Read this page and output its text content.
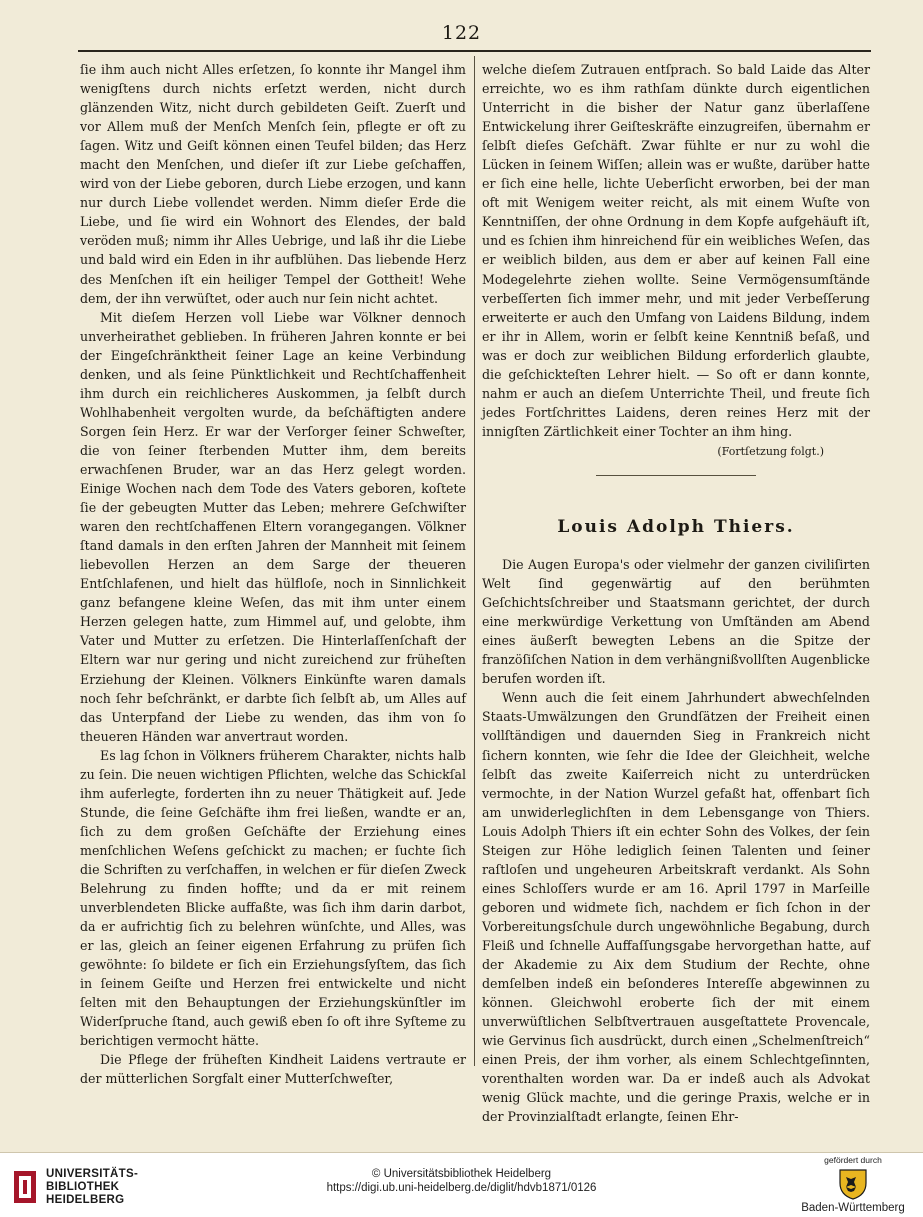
122

ſie ihm auch nicht Alles erſetzen, ſo konnte ihr Mangel ihm wenigſtens durch nichts erſetzt werden, nicht durch glänzenden Witz, nicht durch gebildeten Geiſt. Zuerſt und vor Allem muß der Menſch Menſch ſein, pflegte er oft zu ſagen. Witz und Geiſt können einen Teufel bilden; das Herz macht den Menſchen, und dieſer iſt zur Liebe geſchaffen, wird von der Liebe geboren, durch Liebe erzogen, und kann nur durch Liebe vollendet werden. Nimm dieſer Erde die Liebe, und ſie wird ein Wohnort des Elendes, der bald veröden muß; nimm ihr Alles Uebrige, und laß ihr die Liebe und bald wird ein Eden in ihr aufblühen. Das liebende Herz des Menſchen iſt ein heiliger Tempel der Gottheit! Wehe dem, der ihn verwüſtet, oder auch nur ſein nicht achtet.

Mit dieſem Herzen voll Liebe war Völkner dennoch unverheirathet geblieben. In früheren Jahren konnte er bei der Eingeſchränktheit ſeiner Lage an keine Verbindung denken, und als ſeine Pünktlichkeit und Rechtſchaffenheit ihm durch ein reichlicheres Auskommen, ja ſelbſt durch Wohlhabenheit vergolten wurde, da beſchäftigten andere Sorgen ſein Herz. Er war der Verſorger ſeiner Schweſter, die von ſeiner ſterbenden Mutter ihm, dem bereits erwachſenen Bruder, war an das Herz gelegt worden. Einige Wochen nach dem Tode des Vaters geboren, koſtete ſie der gebeugten Mutter das Leben; mehrere Geſchwiſter waren den rechtſchaffenen Eltern vorangegangen. Völkner ſtand damals in den erſten Jahren der Mannheit mit ſeinem liebevollen Herzen an dem Sarge der theueren Entſchlafenen, und hielt das hülfloſe, noch in Sinnlichkeit ganz befangene kleine Weſen, das mit ihm unter einem Herzen gelegen hatte, zum Himmel auf, und gelobte, ihm Vater und Mutter zu erſetzen. Die Hinterlaſſenſchaft der Eltern war nur gering und nicht zureichend zur früheſten Erziehung der Kleinen. Völkners Einkünfte waren damals noch ſehr beſchränkt, er darbte ſich ſelbſt ab, um Alles auf das Unterpfand der Liebe zu wenden, das ihm von ſo theueren Händen war anvertraut worden.

Es lag ſchon in Völkners früherem Charakter, nichts halb zu ſein. Die neuen wichtigen Pflichten, welche das Schickſal ihm auferlegte, forderten ihn zu neuer Thätigkeit auf. Jede Stunde, die ſeine Geſchäfte ihm frei ließen, wandte er an, ſich zu dem großen Geſchäfte der Erziehung eines menſchlichen Weſens geſchickt zu machen; er ſuchte ſich die Schriften zu verſchaffen, in welchen er für dieſen Zweck Belehrung zu finden hoffte; und da er mit reinem unverblendeten Blicke auffaßte, was ſich ihm darin darbot, da er aufrichtig ſich zu belehren wünſchte, und Alles, was er las, gleich an ſeiner eigenen Erfahrung zu prüfen ſich gewöhnte: ſo bildete er ſich ein Erziehungsſyſtem, das ſich in ſeinem Geiſte und Herzen frei entwickelte und nicht ſelten mit den Behauptungen der Erziehungskünſtler im Widerſpruche ſtand, auch gewiß eben ſo oft ihre Syſteme zu berichtigen vermocht hätte.

Die Pflege der früheſten Kindheit Laidens vertraute er der mütterlichen Sorgfalt einer Mutterſchweſter,

welche dieſem Zutrauen entſprach. So bald Laide das Alter erreichte, wo es ihm rathſam dünkte durch eigentlichen Unterricht in die bisher der Natur ganz überlaſſene Entwickelung ihrer Geiſteskräfte einzugreifen, übernahm er ſelbſt dieſes Geſchäft. Zwar fühlte er nur zu wohl die Lücken in ſeinem Wiſſen; allein was er wußte, darüber hatte er ſich eine helle, lichte Ueberſicht erworben, bei der man oft mit Wenigem weiter reicht, als mit einem Wuſte von Kenntniſſen, der ohne Ordnung in dem Kopfe aufgehäuft iſt, und es ſchien ihm hinreichend für ein weibliches Weſen, das er weiblich bilden, aus dem er aber auf keinen Fall eine Modegelehrte ziehen wollte. Seine Vermögensumſtände verbeſſerten ſich immer mehr, und mit jeder Verbeſſerung erweiterte er auch den Umfang von Laidens Bildung, indem er ihr in Allem, worin er ſelbſt keine Kenntniß beſaß, und was er doch zur weiblichen Bildung erforderlich glaubte, die geſchickteſten Lehrer hielt. — So oft er dann konnte, nahm er auch an dieſem Unterrichte Theil, und freute ſich jedes Fortſchrittes Laidens, deren reines Herz mit der innigſten Zärtlichkeit einer Tochter an ihm hing.

(Fortſetzung folgt.)
Louis Adolph Thiers.

Die Augen Europa's oder vielmehr der ganzen civiliſirten Welt ſind gegenwärtig auf den berühmten Geſchichtsſchreiber und Staatsmann gerichtet, der durch eine merkwürdige Verkettung von Umſtänden am Abend eines äußerſt bewegten Lebens an die Spitze der franzöſiſchen Nation in dem verhängnißvollſten Augenblicke berufen worden iſt.

Wenn auch die ſeit einem Jahrhundert abwechſelnden Staats-Umwälzungen den Grundſätzen der Freiheit einen vollſtändigen und dauernden Sieg in Frankreich nicht ſichern konnten, wie ſehr die Idee der Gleichheit, welche ſelbſt das zweite Kaiſerreich nicht zu unterdrücken vermochte, in der Nation Wurzel gefaßt hat, offenbart ſich am unwiderleglichſten in dem Lebensgange von Thiers. Louis Adolph Thiers iſt ein echter Sohn des Volkes, der ſein Steigen zur Höhe lediglich ſeinen Talenten und ſeiner raſtloſen und ungeheuren Arbeitskraft verdankt. Als Sohn eines Schloſſers wurde er am 16. April 1797 in Marſeille geboren und widmete ſich, nachdem er ſich ſchon in der Vorbereitungsſchule durch ungewöhnliche Begabung, durch Fleiß und ſchnelle Auffaſſungsgabe hervorgethan hatte, auf der Akademie zu Aix dem Studium der Rechte, ohne demſelben indeß ein beſonderes Intereſſe abgewinnen zu können. Gleichwohl eroberte ſich der mit einem unverwüſtlichen Selbſtvertrauen ausgeſtattete Provencale, wie Gervinus ſich ausdrückt, durch einen „Schelmenſtreich“ einen Preis, der ihm vorher, als einem Schlechtgeſinnten, vorenthalten worden war. Da er indeß auch als Advokat wenig Glück machte, und die geringe Praxis, welche er in der Provinzialſtadt erlangte, ſeinen Ehr-

UNIVERSITÄTS-
BIBLIOTHEK
HEIDELBERG
© Universitätsbibliothek Heidelberg
https://digi.ub.uni-heidelberg.de/diglit/hdvb1871/0126
gefördert durch
Baden-Württemberg
